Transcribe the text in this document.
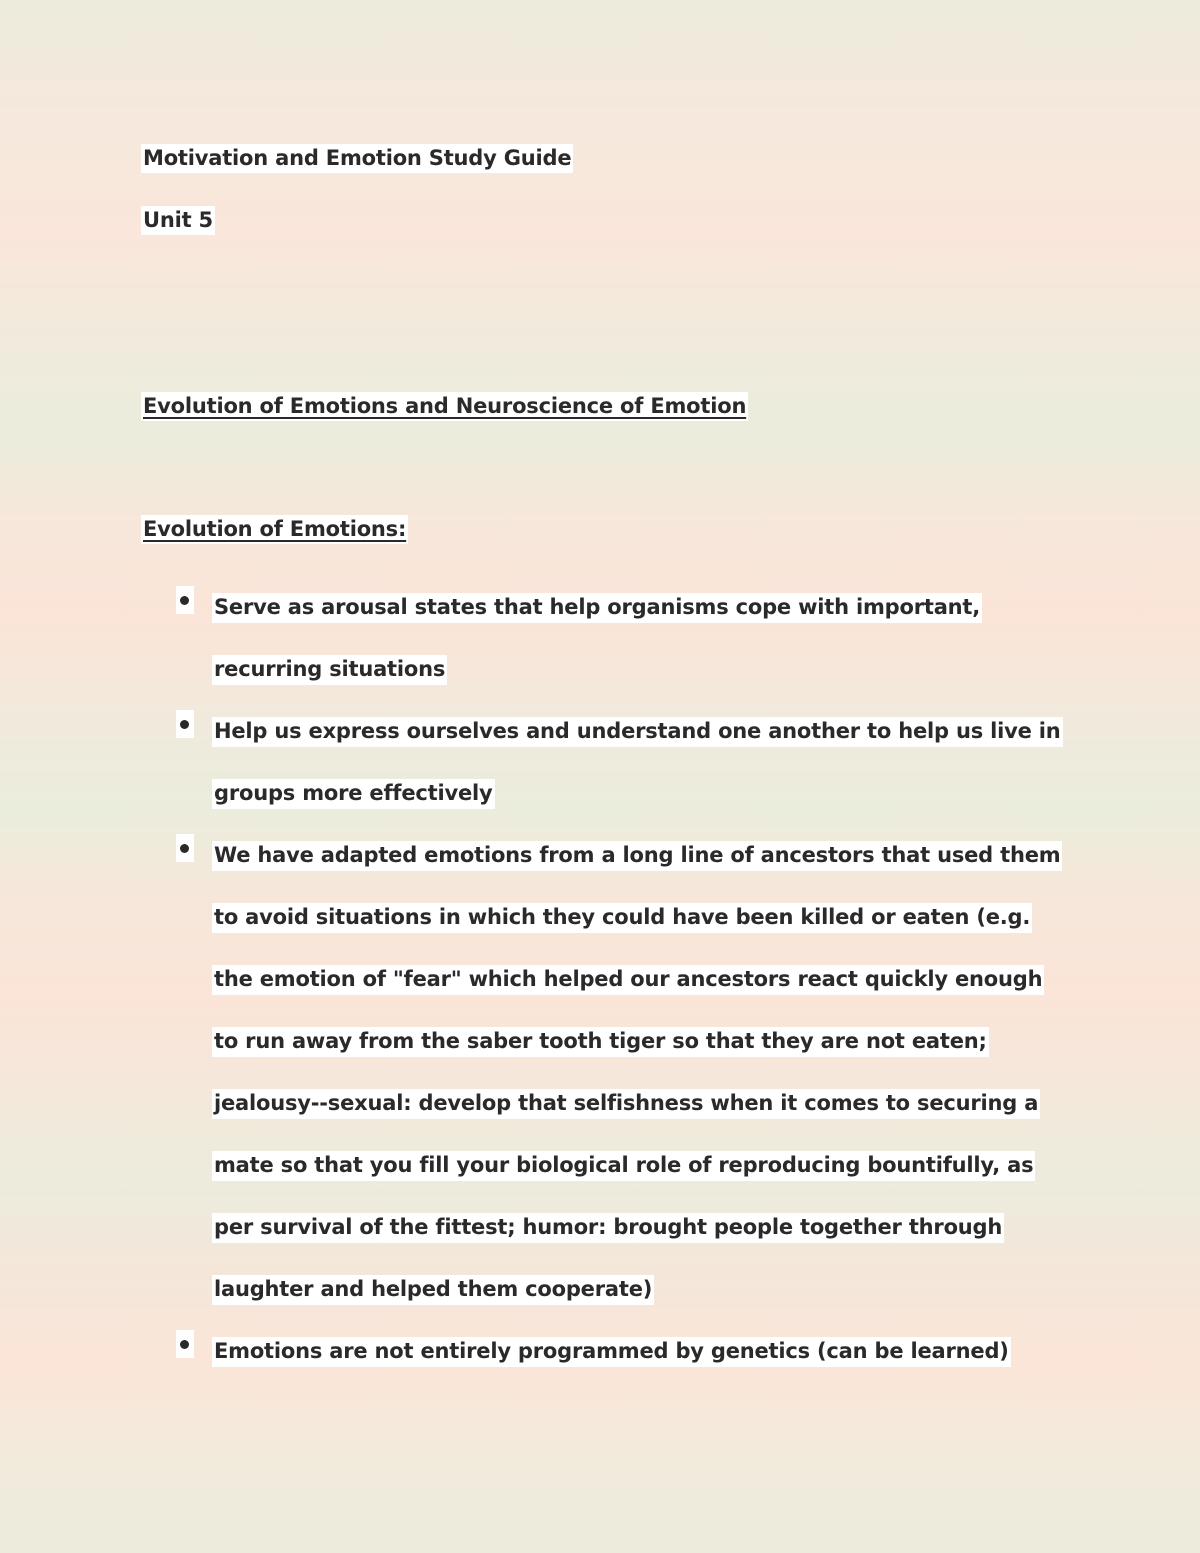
Motivation and Emotion Study Guide
Unit 5
Evolution of Emotions and Neuroscience of Emotion
Evolution of Emotions:
Serve as arousal states that help organisms cope with important, recurring situations
Help us express ourselves and understand one another to help us live in groups more effectively
We have adapted emotions from a long line of ancestors that used them to avoid situations in which they could have been killed or eaten (e.g. the emotion of "fear" which helped our ancestors react quickly enough to run away from the saber tooth tiger so that they are not eaten; jealousy--sexual: develop that selfishness when it comes to securing a mate so that you fill your biological role of reproducing bountifully, as per survival of the fittest; humor: brought people together through laughter and helped them cooperate)
Emotions are not entirely programmed by genetics (can be learned)
